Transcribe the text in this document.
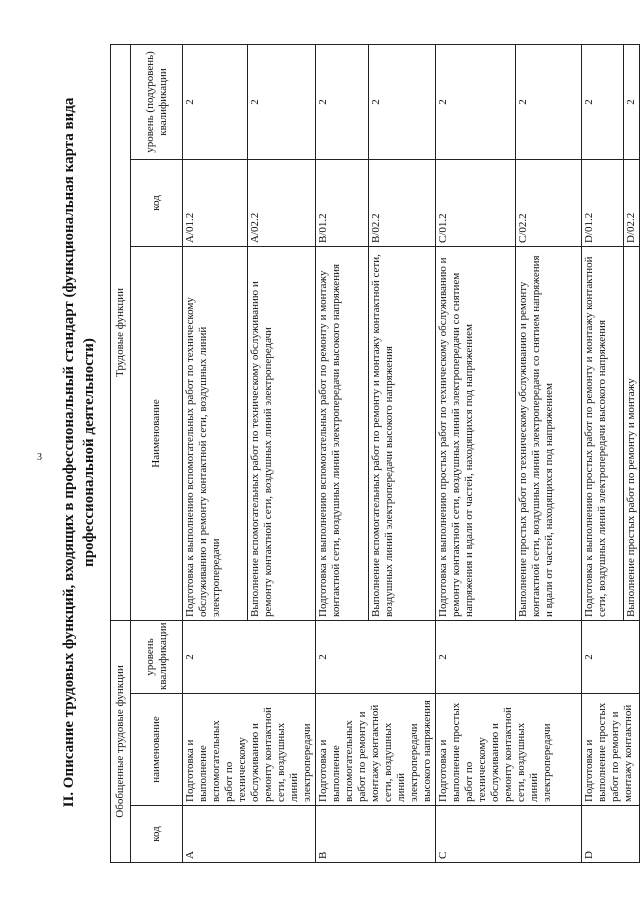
3 II. Описание трудовых функций, входящих в профессиональный стандарт (функциональная карта вида профессиональной деятельности)
Обобщенные трудовые функции			Трудовые функции		
код	наименование	уровень квалификации	Наименование	код	уровень (подуровень) квалификации
A	Подготовка и выполнение вспомогательных работ по техническому обслуживанию и ремонту контактной сети, воздушных линий электропередачи	2	Подготовка к выполнению вспомогательных работ по техническому обслуживанию и ремонту контактной сети, воздушных линий электропередачи	A/01.2	2
			Выполнение вспомогательных работ по техническому обслуживанию и ремонту контактной сети, воздушных линий электропередачи	A/02.2	2
B	Подготовка и выполнение вспомогательных работ по ремонту и монтажу контактной сети, воздушных линий электропередачи высокого напряжения	2	Подготовка к выполнению вспомогательных работ по ремонту и монтажу контактной сети, воздушных линий электропередачи высокого напряжения	B/01.2	2
			Выполнение вспомогательных работ по ремонту и монтажу контактной сети, воздушных линий электропередачи высокого напряжения	B/02.2	2
C	Подготовка и выполнение простых работ по техническому обслуживанию и ремонту контактной сети, воздушных линий электропередачи	2	Подготовка к выполнению простых работ по техническому обслуживанию и ремонту контактной сети, воздушных линий электропередачи со снятием напряжения и вдали от частей, находящихся под напряжением	C/01.2	2
			Выполнение простых работ по техническому обслуживанию и ремонту контактной сети, воздушных линий электропередачи со снятием напряжения и вдали от частей, находящихся под напряжением	C/02.2	2
D	Подготовка и выполнение простых работ по ремонту и монтажу контактной	2	Подготовка к выполнению простых работ по ремонту и монтажу контактной сети, воздушных линий электропередачи высокого напряжения	D/01.2	2
			Выполнение простых работ по ремонту и монтажу	D/02.2	2
